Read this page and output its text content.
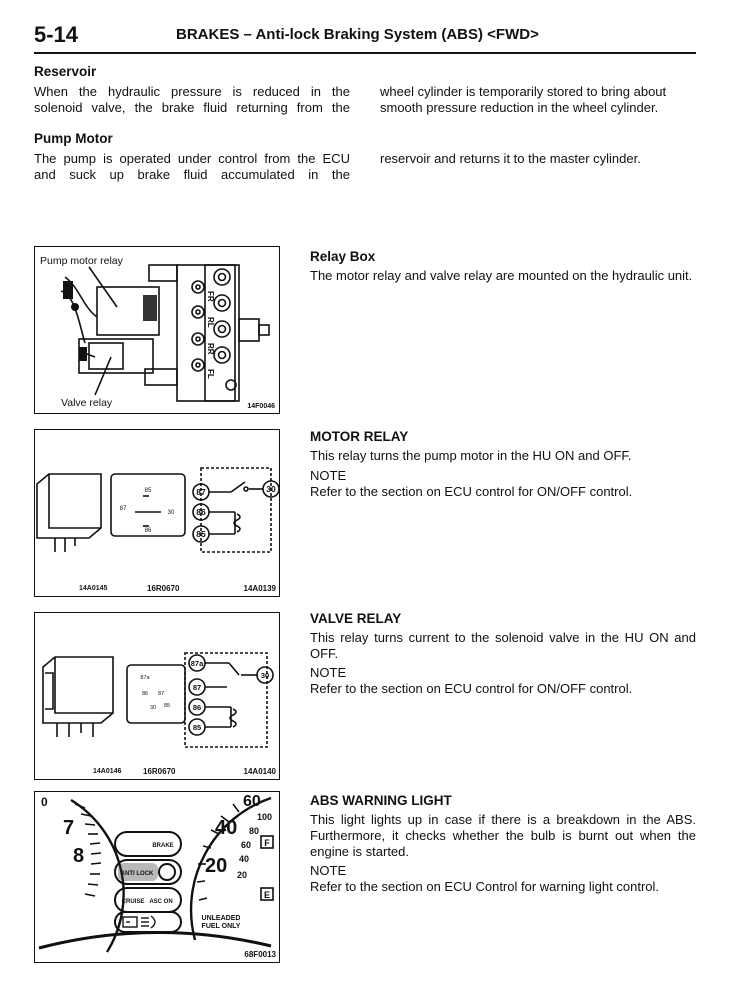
5-14	BRAKES – Anti-lock Braking System (ABS) <FWD>
Reservoir
When the hydraulic pressure is reduced in the
solenoid valve, the brake fluid returning from the
wheel cylinder is temporarily stored to bring about
smooth pressure reduction in the wheel cylinder.
Pump Motor
The pump is operated under control from the ECU
and suck up brake fluid accumulated in the
reservoir and returns it to the master cylinder.
Pump motor relay
Valve relay	14F0046
FR
RL
RR
FL
Relay Box
The motor relay and valve relay are mounted on the hydraulic unit.
87	30
86
85
85
87
30
86
14A0145	16R0670	14A0139
MOTOR RELAY
This relay turns the pump motor in the HU ON and OFF.
NOTE
Refer to the section on ECU control for ON/OFF control.
87a
30
87
86
85
87a
86 87
85
30
14A0146	16R0670	14A0140
VALVE RELAY
This relay turns current to the solenoid valve in the HU ON and OFF.
NOTE
Refer to the section on ECU control for ON/OFF control.
0
7
8
60
40
20
100
80
60
40
20
BRAKE
ANTI LOCK
CRUISE ASC ON
F
E
UNLEADED
FUEL ONLY
68F0013
ABS WARNING LIGHT
This light lights up in case if there is a breakdown in the ABS. Furthermore, it checks whether the bulb is burnt out when the engine is started.
NOTE
Refer to the section on ECU Control for warning light control.
